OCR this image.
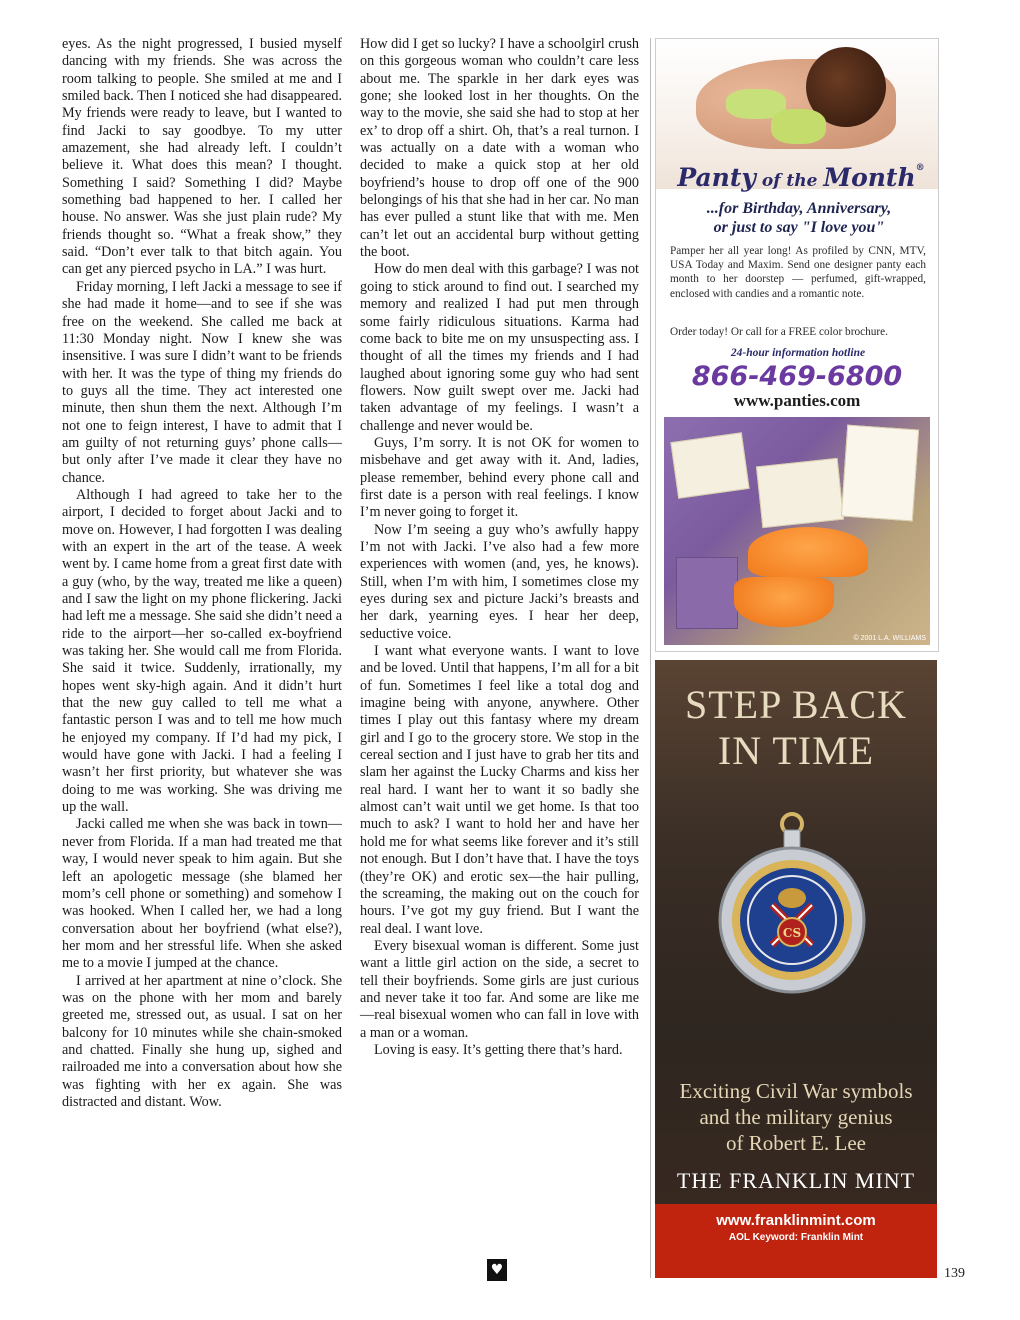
eyes. As the night progressed, I busied myself dancing with my friends. She was across the room talking to people. She smiled at me and I smiled back. Then I noticed she had disappeared. My friends were ready to leave, but I wanted to find Jacki to say goodbye. To my utter amazement, she had already left. I couldn’t believe it. What does this mean? I thought. Something I said? Something I did? Maybe something bad happened to her. I called her house. No answer. Was she just plain rude? My friends thought so. “What a freak show,” they said. “Don’t ever talk to that bitch again. You can get any pierced psycho in LA.” I was hurt.

Friday morning, I left Jacki a message to see if she had made it home—and to see if she was free on the weekend. She called me back at 11:30 Monday night. Now I knew she was insensitive. I was sure I didn’t want to be friends with her. It was the type of thing my friends do to guys all the time. They act interested one minute, then shun them the next. Although I’m not one to feign interest, I have to admit that I am guilty of not returning guys’ phone calls—but only after I’ve made it clear they have no chance.

Although I had agreed to take her to the airport, I decided to forget about Jacki and to move on. However, I had forgotten I was dealing with an expert in the art of the tease. A week went by. I came home from a great first date with a guy (who, by the way, treated me like a queen) and I saw the light on my phone flickering. Jacki had left me a message. She said she didn’t need a ride to the airport—her so-called ex-boyfriend was taking her. She would call me from Florida. She said it twice. Suddenly, irrationally, my hopes went sky-high again. And it didn’t hurt that the new guy called to tell me what a fantastic person I was and to tell me how much he enjoyed my company. If I’d had my pick, I would have gone with Jacki. I had a feeling I wasn’t her first priority, but whatever she was doing to me was working. She was driving me up the wall.

Jacki called me when she was back in town—never from Florida. If a man had treated me that way, I would never speak to him again. But she left an apologetic message (she blamed her mom’s cell phone or something) and somehow I was hooked. When I called her, we had a long conversation about her boyfriend (what else?), her mom and her stressful life. When she asked me to a movie I jumped at the chance.

I arrived at her apartment at nine o’clock. She was on the phone with her mom and barely greeted me, stressed out, as usual. I sat on her balcony for 10 minutes while she chain-smoked and chatted. Finally she hung up, sighed and railroaded me into a conversation about how she was fighting with her ex again. She was distracted and distant. Wow.

How did I get so lucky? I have a schoolgirl crush on this gorgeous woman who couldn’t care less about me. The sparkle in her dark eyes was gone; she looked lost in her thoughts. On the way to the movie, she said she had to stop at her ex’ to drop off a shirt. Oh, that’s a real turnon. I was actually on a date with a woman who decided to make a quick stop at her old boyfriend’s house to drop off one of the 900 belongings of his that she had in her car. No man has ever pulled a stunt like that with me. Men can’t let out an accidental burp without getting the boot.

How do men deal with this garbage? I was not going to stick around to find out. I searched my memory and realized I had put men through some fairly ridiculous situations. Karma had come back to bite me on my unsuspecting ass. I thought of all the times my friends and I had laughed about ignoring some guy who had sent flowers. Now guilt swept over me. Jacki had taken advantage of my feelings. I wasn’t a challenge and never would be.

Guys, I’m sorry. It is not OK for women to misbehave and get away with it. And, ladies, please remember, behind every phone call and first date is a person with real feelings. I know I’m never going to forget it.

Now I’m seeing a guy who’s awfully happy I’m not with Jacki. I’ve also had a few more experiences with women (and, yes, he knows). Still, when I’m with him, I sometimes close my eyes during sex and picture Jacki’s breasts and her dark, yearning eyes. I hear her deep, seductive voice.

I want what everyone wants. I want to love and be loved. Until that happens, I’m all for a bit of fun. Sometimes I feel like a total dog and imagine being with anyone, anywhere. Other times I play out this fantasy where my dream girl and I go to the grocery store. We stop in the cereal section and I just have to grab her tits and slam her against the Lucky Charms and kiss her real hard. I want her to want it so badly she almost can’t wait until we get home. Is that too much to ask? I want to hold her and have her hold me for what seems like forever and it’s still not enough. But I don’t have that. I have the toys (they’re OK) and erotic sex—the hair pulling, the screaming, the making out on the couch for hours. I’ve got my guy friend. But I want the real deal. I want love.

Every bisexual woman is different. Some just want a little girl action on the side, a secret to tell their boyfriends. Some girls are just curious and never take it too far. And some are like me—real bisexual women who can fall in love with a man or a woman.

Loving is easy. It’s getting there that’s hard.

Panty of the Month®
...for Birthday, Anniversary,
or just to say "I love you"
Pamper her all year long! As profiled by CNN, MTV, USA Today and Maxim. Send one designer panty each month to her doorstep — perfumed, gift-wrapped, enclosed with candies and a romantic note.
Order today! Or call for a FREE color brochure.
24-hour information hotline
866-469-6800
www.panties.com
© 2001 L.A. WILLIAMS
STEP BACK
IN TIME
CS
Exciting Civil War symbols
and the military genius
of Robert E. Lee
THE FRANKLIN MINT
www.franklinmint.com
AOL Keyword: Franklin Mint
♥	139
